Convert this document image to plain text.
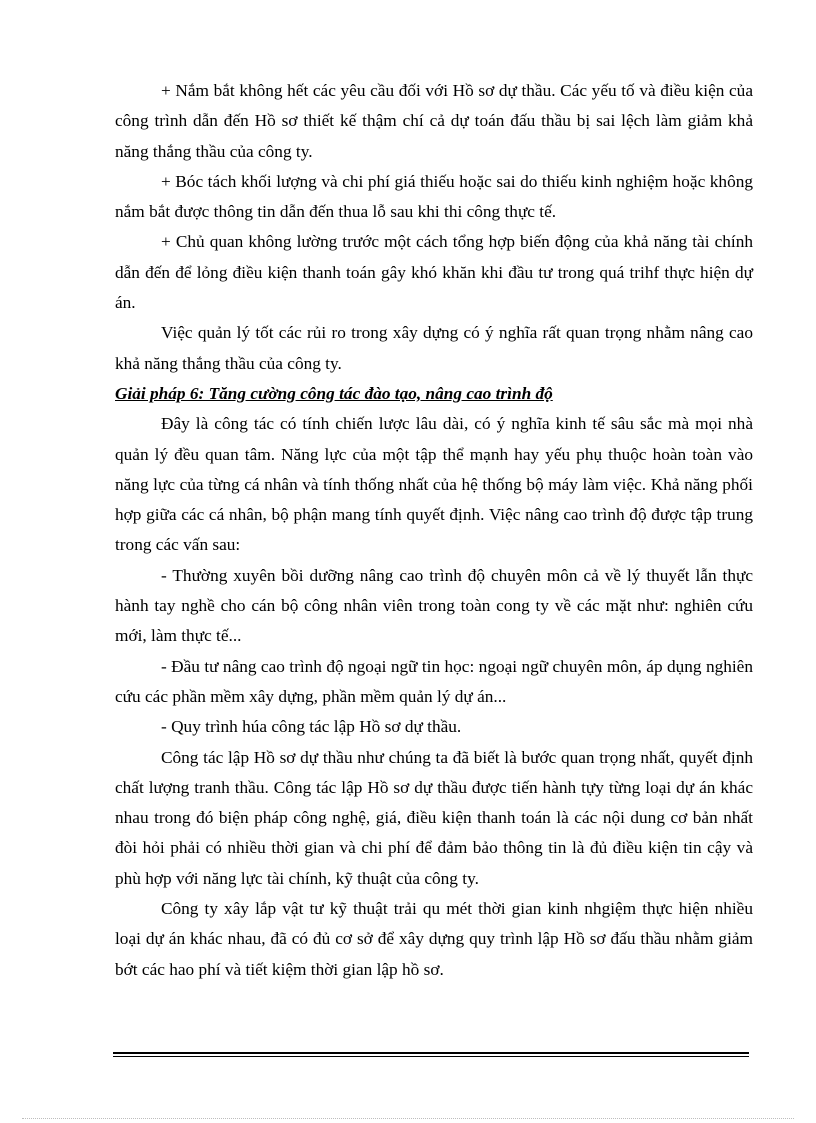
+ Nắm bắt không hết các yêu cầu đối với Hồ sơ dự thầu. Các yếu tố và điều kiện của công trình dẫn đến Hồ sơ thiết kế thậm chí cả dự toán đấu thầu bị sai lệch làm giảm khả năng thắng thầu của công ty.

+ Bóc tách khối lượng và chi phí giá thiếu hoặc sai do thiếu kinh nghiệm hoặc không nắm bắt được thông tin dẫn đến thua lỗ sau khi thi công thực tế.

+ Chủ quan không lường trước một cách tổng hợp biến động của khả năng tài chính dẫn đến để lỏng điều kiện thanh toán gây khó khăn khi đầu tư trong quá trihf thực hiện dự án.

Việc quản lý tốt các rủi ro trong xây dựng có ý nghĩa rất quan trọng nhằm nâng cao khả năng thắng thầu của công ty.

Giải pháp 6: Tăng cường công tác đào tạo, nâng cao trình độ

Đây là công tác có tính chiến lược lâu dài, có ý nghĩa kinh tế sâu sắc mà mọi nhà quản lý đều quan tâm. Năng lực của một tập thể mạnh hay yếu phụ thuộc hoàn toàn vào năng lực của từng cá nhân và tính thống nhất của hệ thống bộ máy làm việc. Khả năng phối hợp giữa các cá nhân, bộ phận mang tính quyết định. Việc nâng cao trình độ được tập trung trong các vấn sau:

- Thường xuyên bồi dưỡng nâng cao trình độ chuyên môn cả về lý thuyết lẫn thực hành tay nghề cho cán bộ công nhân viên trong toàn cong ty về các mặt như: nghiên cứu mới, làm thực tế...

- Đầu tư nâng cao trình độ ngoại ngữ tin học: ngoại ngữ chuyên môn, áp dụng nghiên cứu các phần mềm xây dựng, phần mềm quản lý dự án...

- Quy trình húa công tác lập Hồ sơ dự thầu.

Công tác lập Hồ sơ dự thầu như chúng ta đã biết là bước quan trọng nhất, quyết định chất lượng tranh thầu. Công tác lập Hồ sơ dự thầu được tiến hành tựy từng loại dự án khác nhau trong đó biện pháp công nghệ, giá, điều kiện thanh toán là các nội dung cơ bản nhất đòi hỏi phải có nhiều thời gian và chi phí để đảm bảo thông tin là đủ điều kiện tin cậy và phù hợp với năng lực tài chính, kỹ thuật của công ty.

Công ty xây lắp vật tư kỹ thuật trải qu mét thời gian kinh nhgiệm thực hiện nhiều loại dự án khác nhau, đã có đủ cơ sở để xây dựng quy trình lập Hồ sơ đấu thầu nhằm giảm bớt các hao phí và tiết kiệm thời gian lập hồ sơ.
